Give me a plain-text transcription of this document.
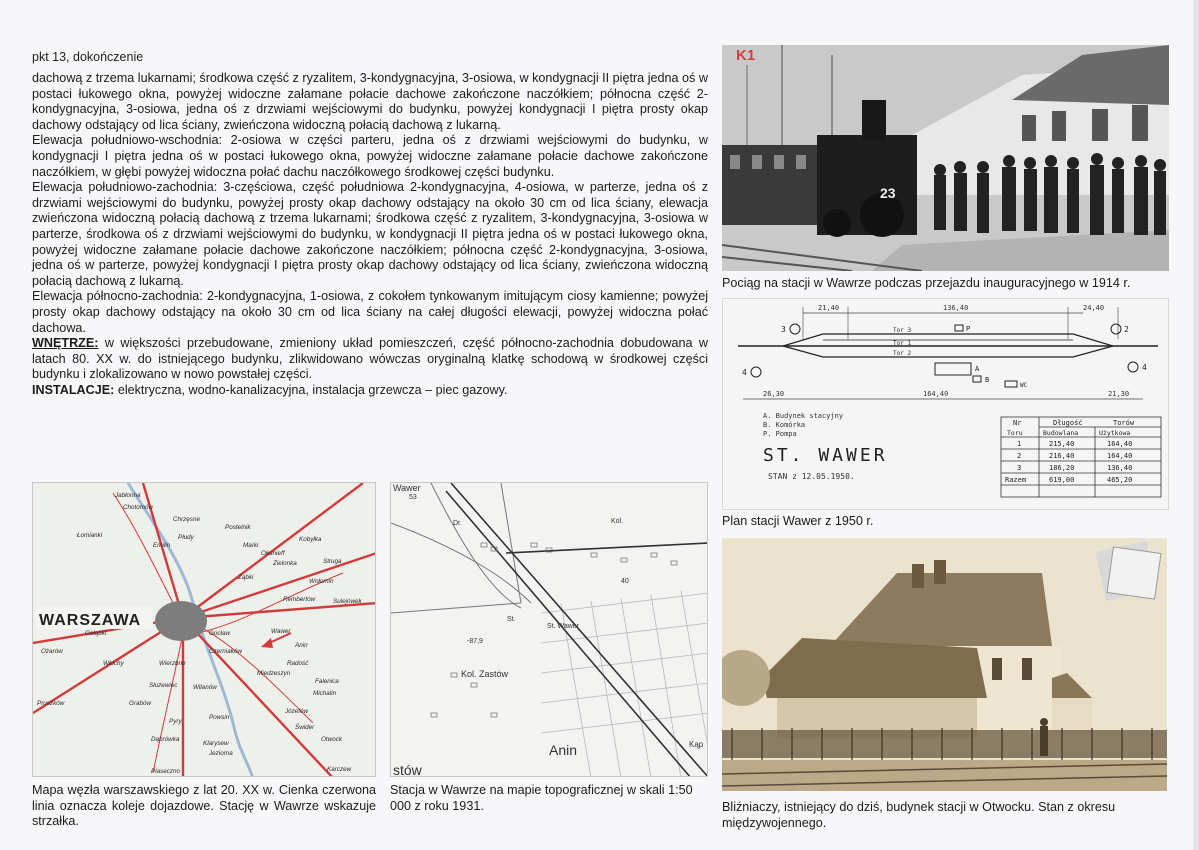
pkt 13, dokończenie

dachową z trzema lukarnami; środkowa część z ryzalitem, 3-kondygnacyjna, 3-osiowa, w kondygnacji II piętra jedna oś w postaci łukowego okna, powyżej widoczne załamane połacie dachowe zakończone naczółkiem; północna część 2-kondygnacyjna, 3-osiowa, jedna oś z drzwiami wejściowymi do budynku, powyżej kondygnacji I piętra prosty okap dachowy odstający od lica ściany, zwieńczona widoczną połacią dachową z lukarną.

Elewacja południowo-wschodnia: 2-osiowa w części parteru, jedna oś z drzwiami wejściowymi do budynku, w kondygnacji I piętra jedna oś w postaci łukowego okna, powyżej widoczne załamane połacie dachowe zakończone naczółkiem, w głębi powyżej widoczna połać dachu naczółkowego środkowej części budynku.

Elewacja południowo-zachodnia: 3-częściowa, część południowa 2-kondygnacyjna, 4-osiowa, w parterze, jedna oś z drzwiami wejściowymi do budynku, powyżej prosty okap dachowy odstający na około 30 cm od lica ściany, elewacja zwieńczona widoczną połacią dachową z trzema lukarnami; środkowa część z ryzalitem, 3-kondygnacyjna, 3-osiowa w parterze, środkowa oś z drzwiami wejściowymi do budynku, w kondygnacji II piętra jedna oś w postaci łukowego okna, powyżej widoczne załamane połacie dachowe zakończone naczółkiem; północna część 2-kondygnacyjna, 3-osiowa, jedna oś w parterze, powyżej kondygnacji I piętra prosty okap dachowy odstający od lica ściany, zwieńczona widoczną połacią dachową z lukarną.

Elewacja północno-zachodnia: 2-kondygnacyjna, 1-osiowa, z cokołem tynkowanym imitującym ciosy kamienne; powyżej prosty okap dachowy odstający na około 30 cm od lica ściany na całej długości elewacji, powyżej widoczna połać dachowa.

WNĘTRZE: w większości przebudowane, zmieniony układ pomieszczeń, część północno-zachodnia dobudowana w latach 80. XX w. do istniejącego budynku, zlikwidowano wówczas oryginalną klatkę schodową w środkowej części budynku i zlokalizowano w nowo powstałej części.

INSTALACJE: elektryczna, wodno-kanalizacyjna, instalacja grzewcza – piec gazowy.

23
K1
Pociąg na stacji w Wawrze podczas przejazdu inauguracyjnego w 1914 r.
21,40	136,40	24,40
Tor 3
Tor 1
Tor 2
3	2
4
4
A
B
P
WC
26,30	164,40	21,30
A. Budynek stacyjny
B. Komórka
P. Pompa
ST. WAWER
STAN z 12.05.1950.
Nr	Długość	Torów
Toru	Budowlana	Użytkowa
1	215,40	164,40
2	216,40	164,40
3	186,20	136,40
Razem	619,00	465,20
Plan stacji Wawer z 1950 r.
Bliźniaczy, istniejący do dziś, budynek stacji w Otwocku. Stan z okresu międzywojennego.
WARSZAWA
Jabłonna
Chotomów
Chrzęsne
Łomianki	Płudy
Postelnik
Marki
Okunieff
Zielonka
Kobyłka
Wołomin
Struga
Sulejówek
Ząbki
Rembertów
Wawer
Radość
Miedzeszyn
Falenica
Michalin
Józefów
Świder
Otwock
Karczew
Wilanów
Powsin
Klarysew
Jeziorna
Piaseczno
Grabów
Służewiec
Dąbrówka
Pyry
Gołąbki
Ożarów
Pruszków
Włochy	Wierzbno
Czerniaków
Gocław
Anin
Emilin
Mapa węzła warszawskiego z lat 20. XX w. Cienka czerwona linia oznacza koleje dojazdowe. Stację w Wawrze wskazuje strzałka.
Wawer
53
Dr.
St.
St. Wawer
-87,9
Kol. Zastów
Anin
stów
Kol.
40
Kąp
Stacja w Wawrze na mapie topograficznej w skali 1:50 000 z roku 1931.
